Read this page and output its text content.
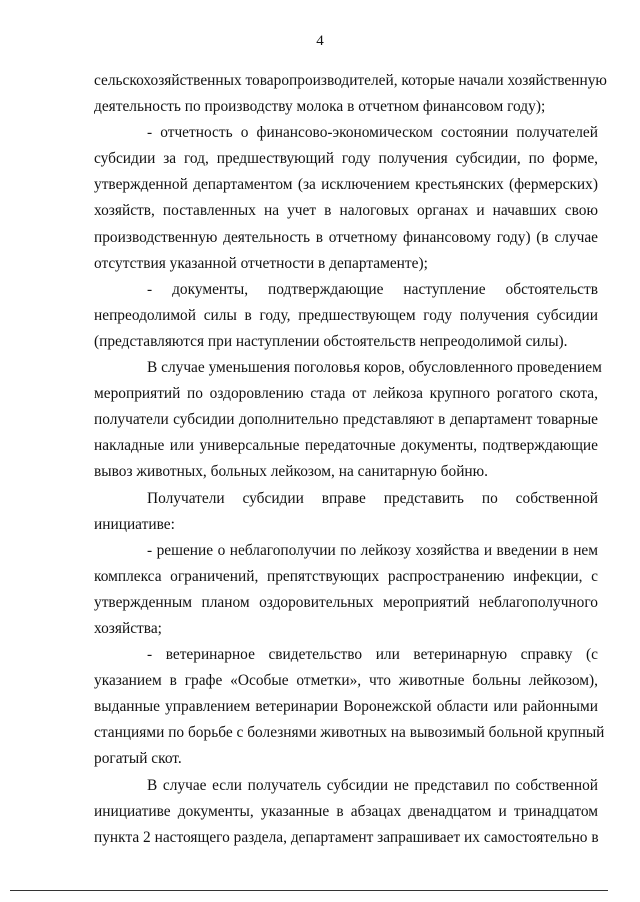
4
сельскохозяйственных товаропроизводителей, которые начали хозяйственную
деятельность по производству молока в отчетном финансовом году);
- отчетность о финансово-экономическом состоянии получателей
субсидии за год, предшествующий году получения субсидии, по форме,
утвержденной департаментом (за исключением крестьянских (фермерских)
хозяйств, поставленных на учет в налоговых органах и начавших свою
производственную деятельность в отчетному финансовому году) (в случае
отсутствия указанной отчетности в департаменте);
- документы, подтверждающие наступление обстоятельств
непреодолимой силы в году, предшествующем году получения субсидии
(представляются при наступлении обстоятельств непреодолимой силы).
В случае уменьшения поголовья коров, обусловленного проведением
мероприятий по оздоровлению стада от лейкоза крупного рогатого скота,
получатели субсидии дополнительно представляют в департамент товарные
накладные или универсальные передаточные документы, подтверждающие
вывоз животных, больных лейкозом, на санитарную бойню.
Получатели субсидии вправе представить по собственной
инициативе:
- решение о неблагополучии по лейкозу хозяйства и введении в нем
комплекса ограничений, препятствующих распространению инфекции, с
утвержденным планом оздоровительных мероприятий неблагополучного
хозяйства;
- ветеринарное свидетельство или ветеринарную справку (с
указанием в графе «Особые отметки», что животные больны лейкозом),
выданные управлением ветеринарии Воронежской области или районными
станциями по борьбе с болезнями животных на вывозимый больной крупный
рогатый скот.
В случае если получатель субсидии не представил по собственной
инициативе документы, указанные в абзацах двенадцатом и тринадцатом
пункта 2 настоящего раздела, департамент запрашивает их самостоятельно в
